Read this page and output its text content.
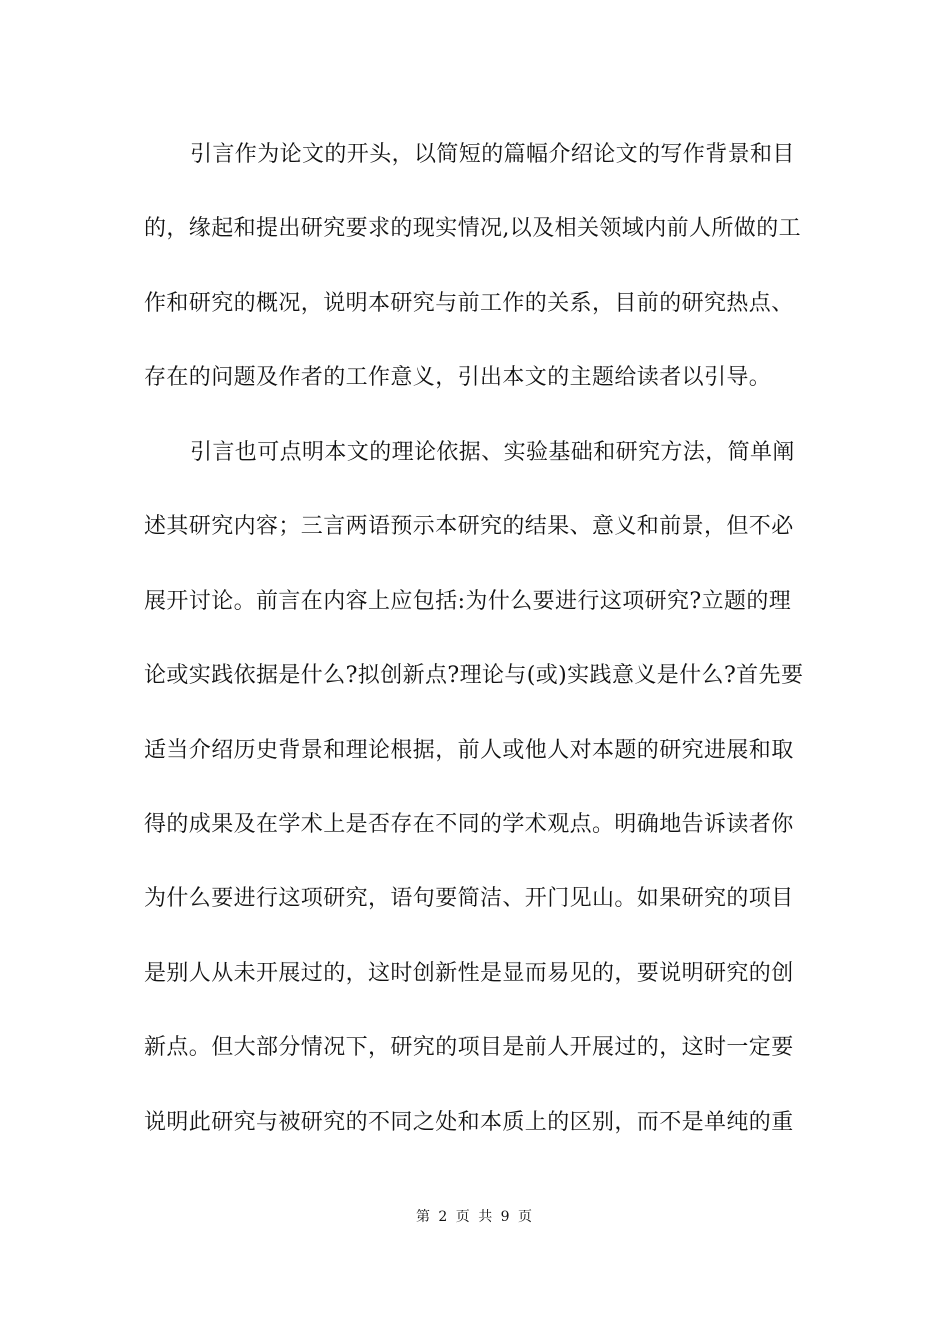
引言作为论文的开头，以简短的篇幅介绍论文的写作背景和目
的，缘起和提出研究要求的现实情况,以及相关领域内前人所做的工
作和研究的概况，说明本研究与前工作的关系，目前的研究热点、
存在的问题及作者的工作意义，引出本文的主题给读者以引导。
引言也可点明本文的理论依据、实验基础和研究方法，简单阐
述其研究内容；三言两语预示本研究的结果、意义和前景，但不必
展开讨论。前言在内容上应包括:为什么要进行这项研究?立题的理
论或实践依据是什么?拟创新点?理论与(或)实践意义是什么?首先要
适当介绍历史背景和理论根据，前人或他人对本题的研究进展和取
得的成果及在学术上是否存在不同的学术观点。明确地告诉读者你
为什么要进行这项研究，语句要简洁、开门见山。如果研究的项目
是别人从未开展过的，这时创新性是显而易见的，要说明研究的创
新点。但大部分情况下，研究的项目是前人开展过的，这时一定要
说明此研究与被研究的不同之处和本质上的区别，而不是单纯的重
第 2 页 共 9 页
